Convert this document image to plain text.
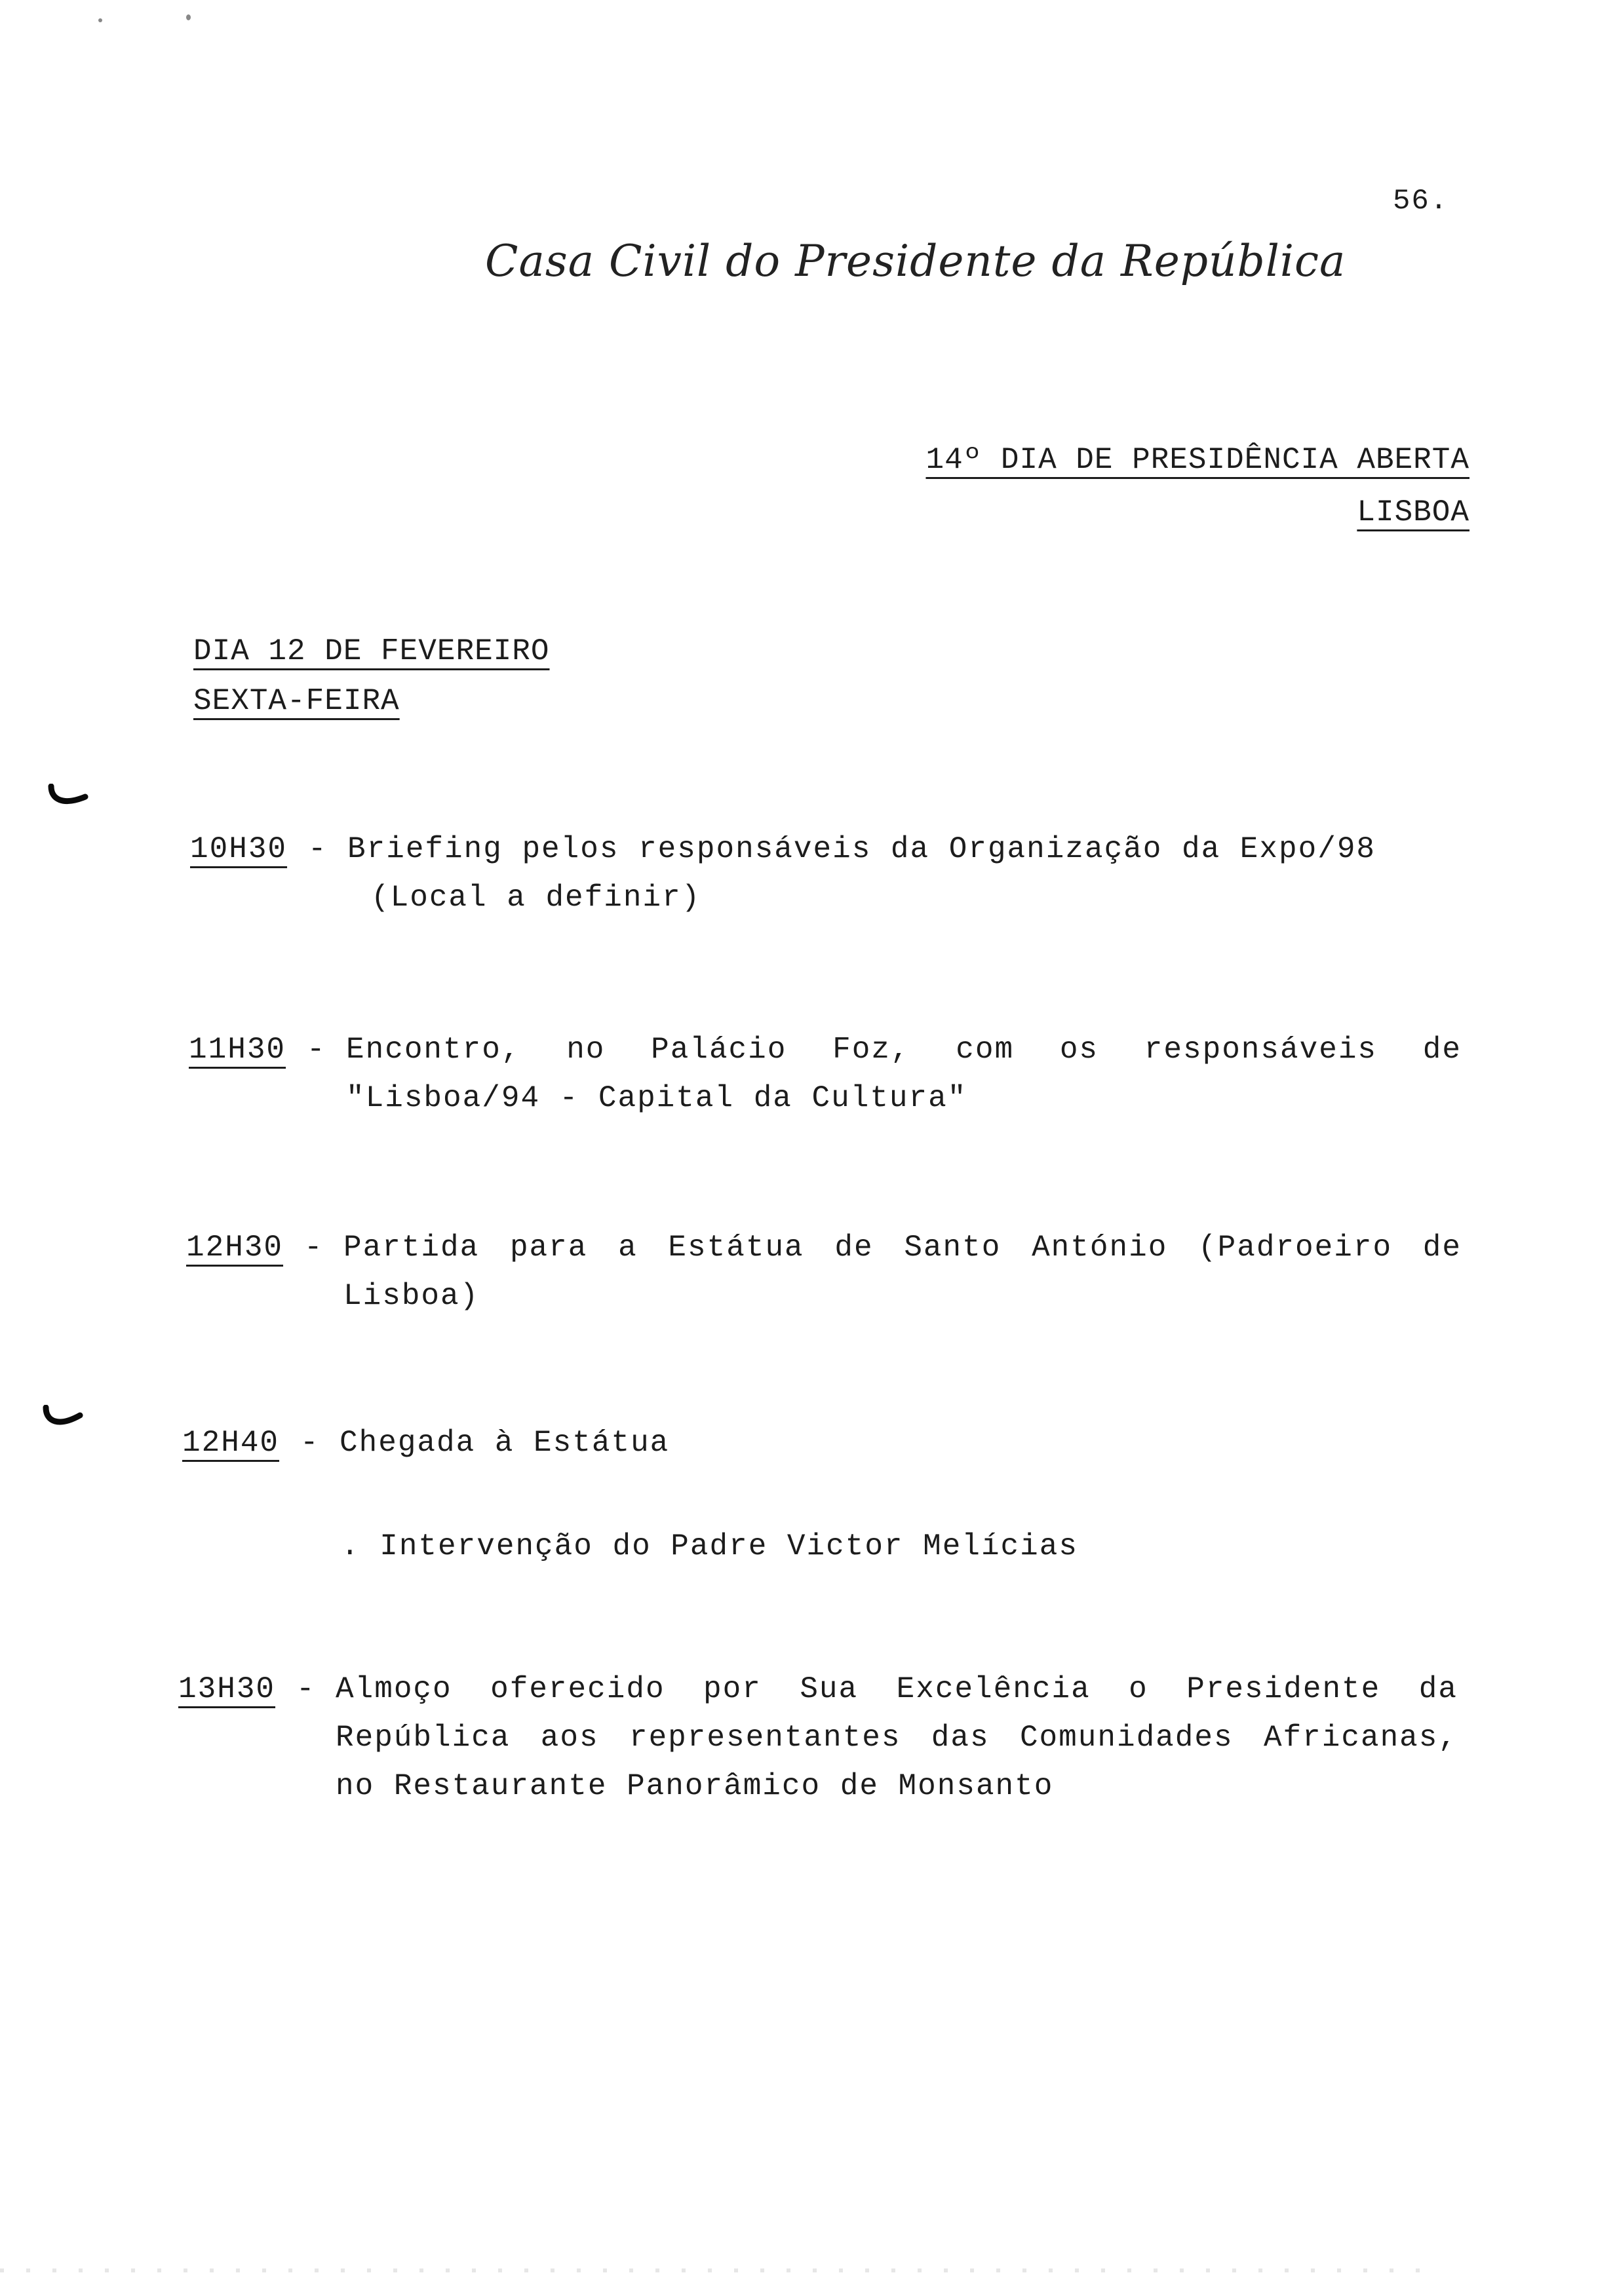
56.
Casa Civil do Presidente da República
14º DIA DE PRESIDÊNCIA ABERTA
LISBOA
DIA 12 DE FEVEREIRO
SEXTA-FEIRA
10H30 - Briefing pelos responsáveis da Organização da Expo/98
(Local a definir)
11H30 - Encontro, no Palácio Foz, com os responsáveis de
"Lisboa/94 - Capital da Cultura"
12H30 - Partida para a Estátua de Santo António (Padroeiro de
Lisboa)
12H40 - Chegada à Estátua
. Intervenção do Padre Victor Melícias
13H30 - Almoço oferecido por Sua Excelência o Presidente da
República aos representantes das Comunidades Africanas,
no Restaurante Panorâmico de Monsanto
